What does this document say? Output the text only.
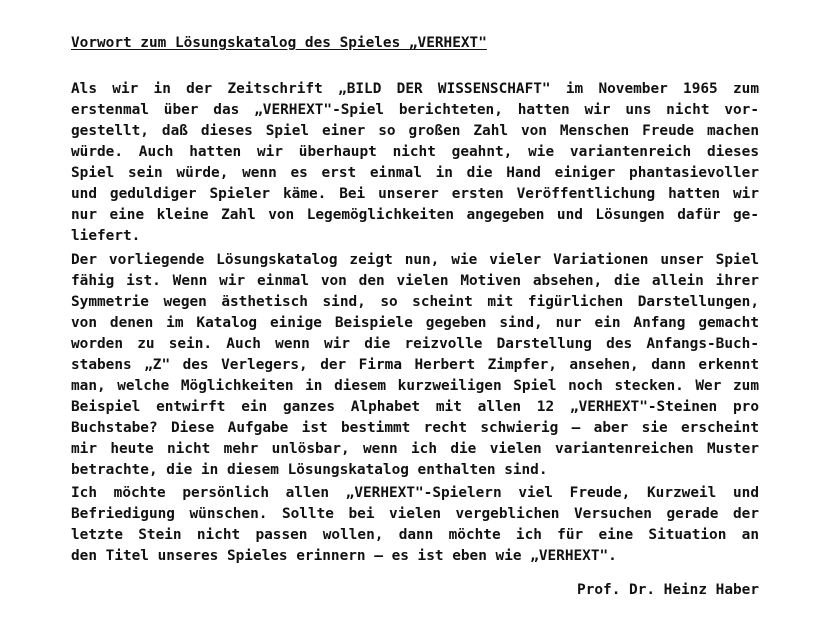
Vorwort zum Lösungskatalog des Spieles „VERHEXT"
Als wir in der Zeitschrift „BILD DER WISSENSCHAFT" im November 1965 zum
erstenmal über das „VERHEXT"-Spiel berichteten, hatten wir uns nicht vor-
gestellt, daß dieses Spiel einer so großen Zahl von Menschen Freude machen
würde. Auch hatten wir überhaupt nicht geahnt, wie variantenreich dieses
Spiel sein würde, wenn es erst einmal in die Hand einiger phantasievoller
und geduldiger Spieler käme. Bei unserer ersten Veröffentlichung hatten wir
nur eine kleine Zahl von Legemöglichkeiten angegeben und Lösungen dafür ge-
liefert.
Der vorliegende Lösungskatalog zeigt nun, wie vieler Variationen unser Spiel
fähig ist. Wenn wir einmal von den vielen Motiven absehen, die allein ihrer
Symmetrie wegen ästhetisch sind, so scheint mit figürlichen Darstellungen,
von denen im Katalog einige Beispiele gegeben sind, nur ein Anfang gemacht
worden zu sein. Auch wenn wir die reizvolle Darstellung des Anfangs-Buch-
stabens „Z" des Verlegers, der Firma Herbert Zimpfer, ansehen, dann erkennt
man, welche Möglichkeiten in diesem kurzweiligen Spiel noch stecken. Wer zum
Beispiel entwirft ein ganzes Alphabet mit allen 12 „VERHEXT"-Steinen pro
Buchstabe? Diese Aufgabe ist bestimmt recht schwierig – aber sie erscheint
mir heute nicht mehr unlösbar, wenn ich die vielen variantenreichen Muster
betrachte, die in diesem Lösungskatalog enthalten sind.
Ich möchte persönlich allen „VERHEXT"-Spielern viel Freude, Kurzweil und
Befriedigung wünschen. Sollte bei vielen vergeblichen Versuchen gerade der
letzte Stein nicht passen wollen, dann möchte ich für eine Situation an
den Titel unseres Spieles erinnern – es ist eben wie „VERHEXT".
Prof. Dr. Heinz Haber
